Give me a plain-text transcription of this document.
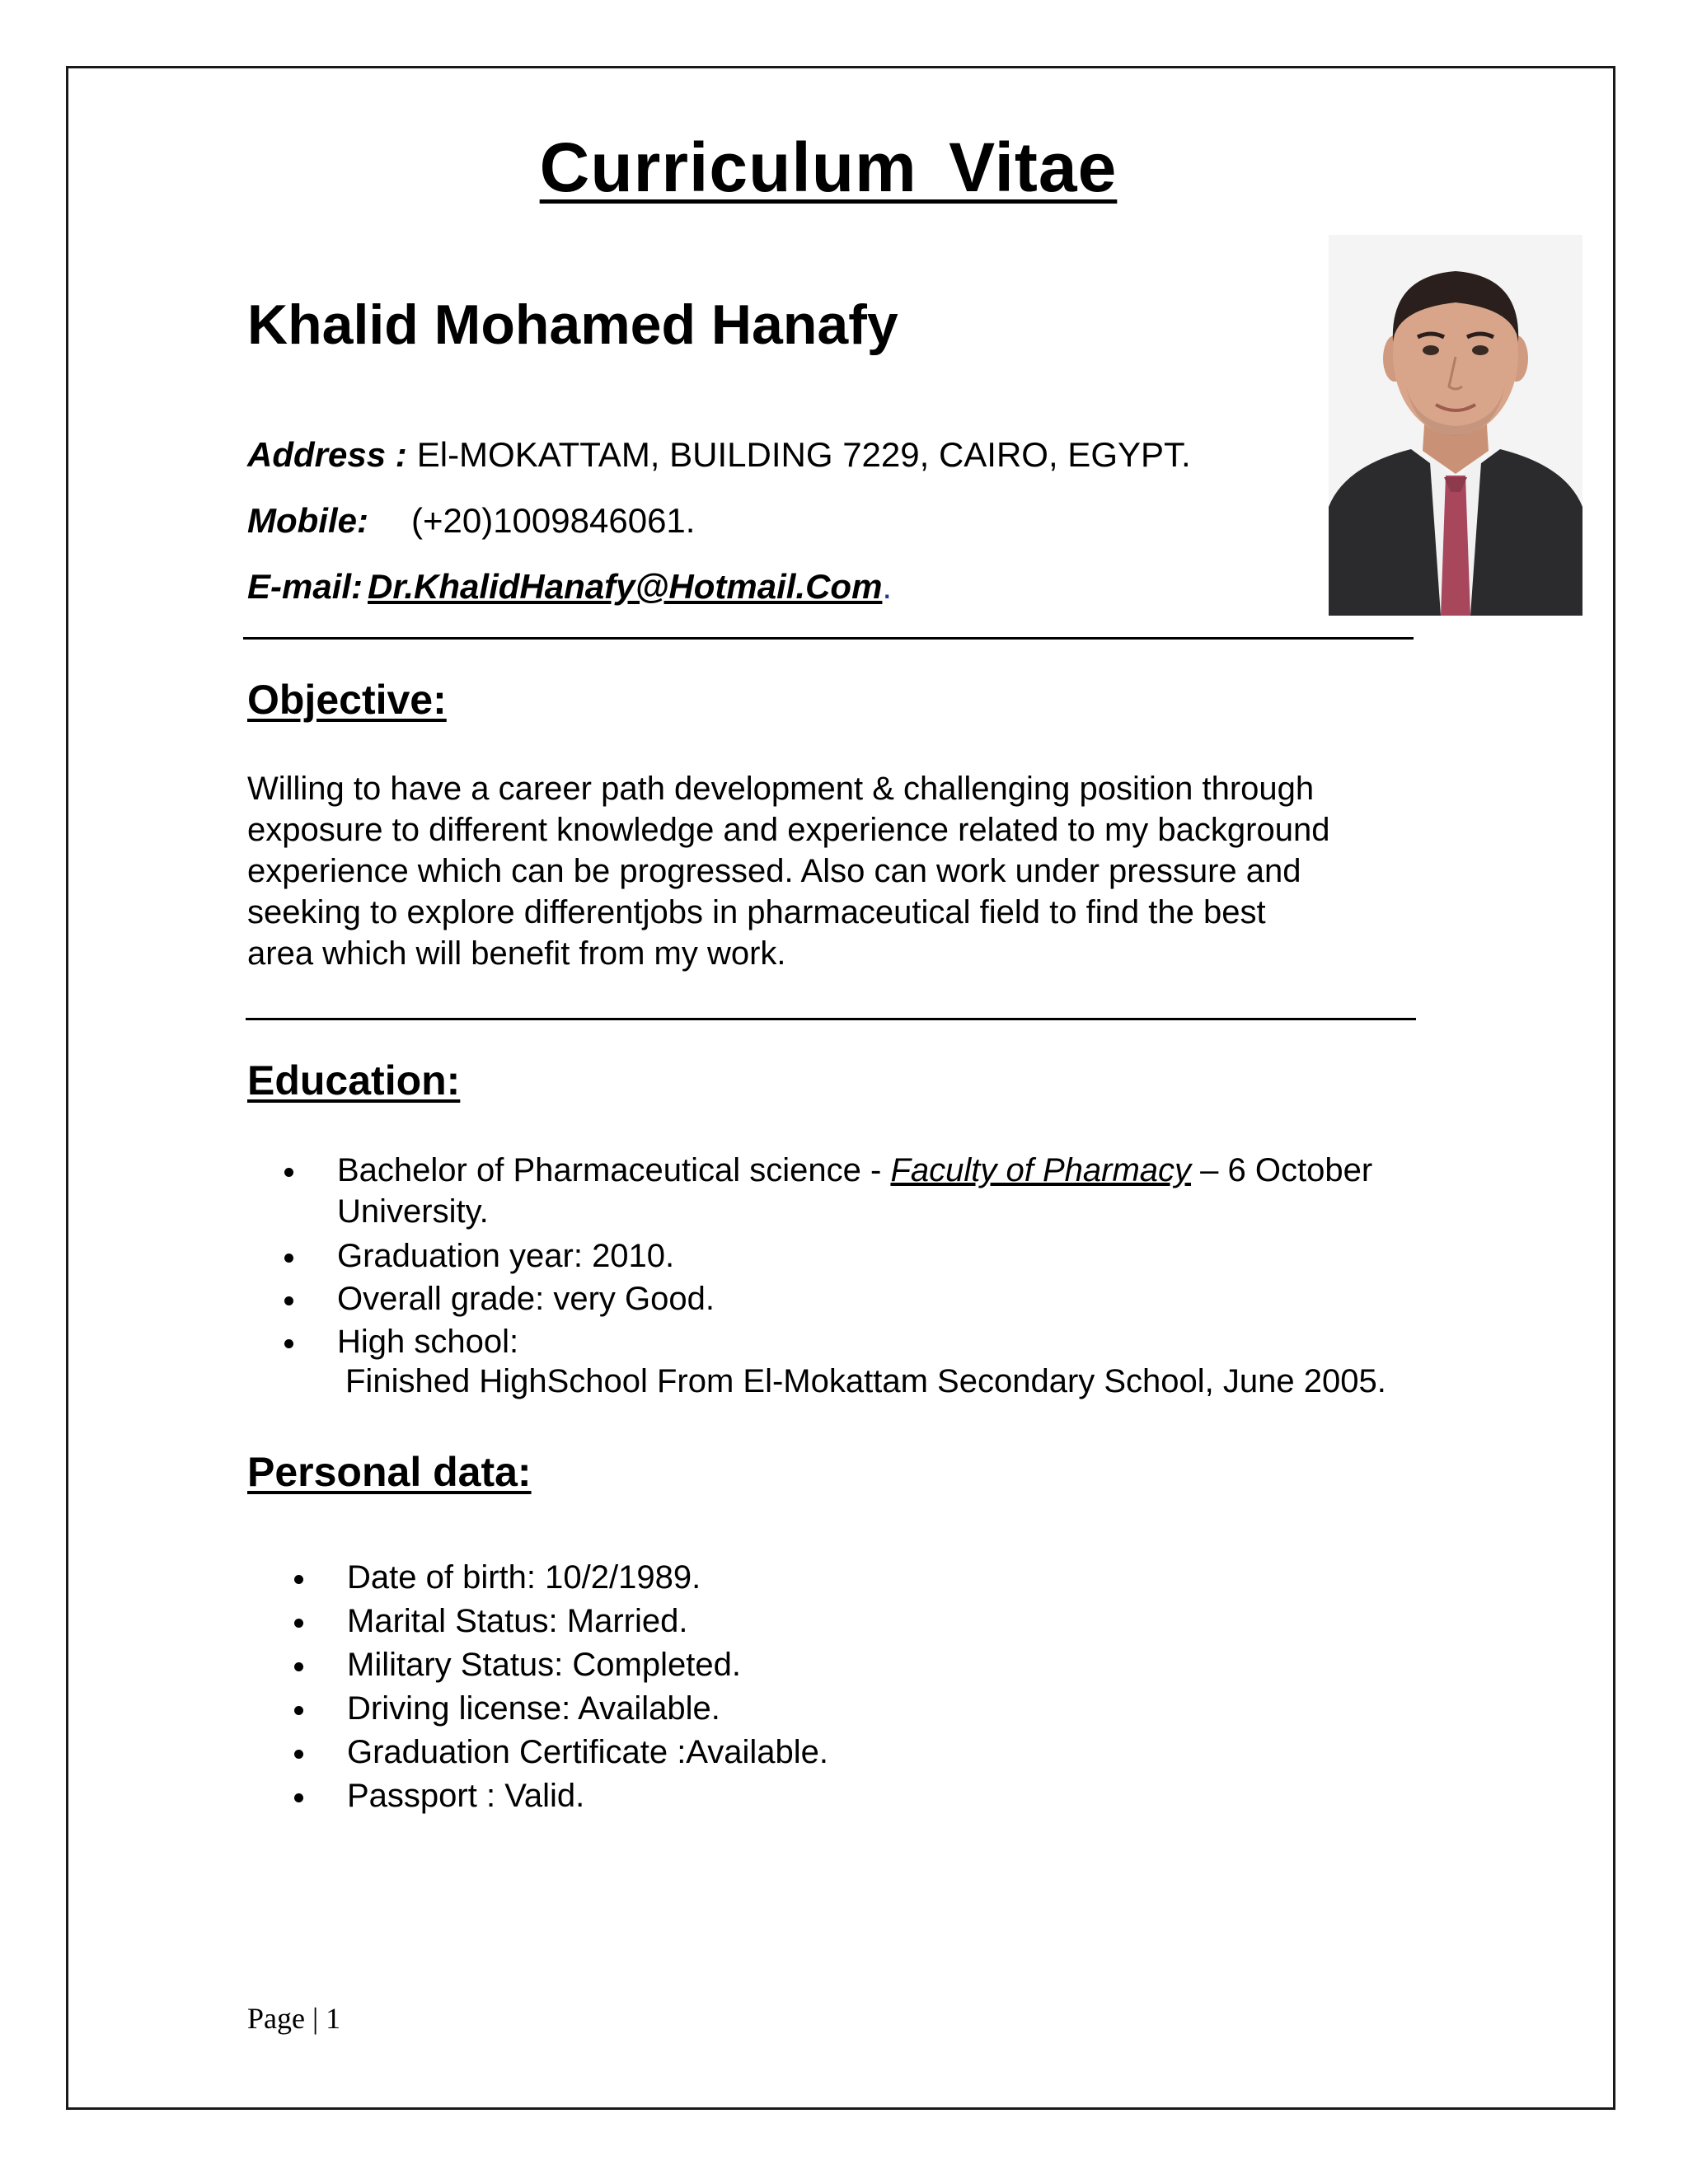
Curriculum Vitae
Khalid Mohamed Hanafy
Address : El-MOKATTAM, BUILDING 7229, CAIRO, EGYPT.
Mobile: (+20)1009846061.
E-mail: Dr.KhalidHanafy@Hotmail.Com.
Objective:
Willing to have a career path development & challenging position through
exposure to different knowledge and experience related to my background
experience which can be progressed. Also can work under pressure and
seeking to explore differentjobs in pharmaceutical field to find the best
area which will benefit from my work.
Education:
Bachelor of Pharmaceutical science - Faculty of Pharmacy – 6 October
University.
Graduation year: 2010.
Overall grade: very Good.
High school:
Finished HighSchool From El-Mokattam Secondary School, June 2005.
Personal data:
Date of birth: 10/2/1989.
Marital Status: Married.
Military Status: Completed.
Driving license: Available.
Graduation Certificate :Available.
Passport : Valid.
Page | 1
